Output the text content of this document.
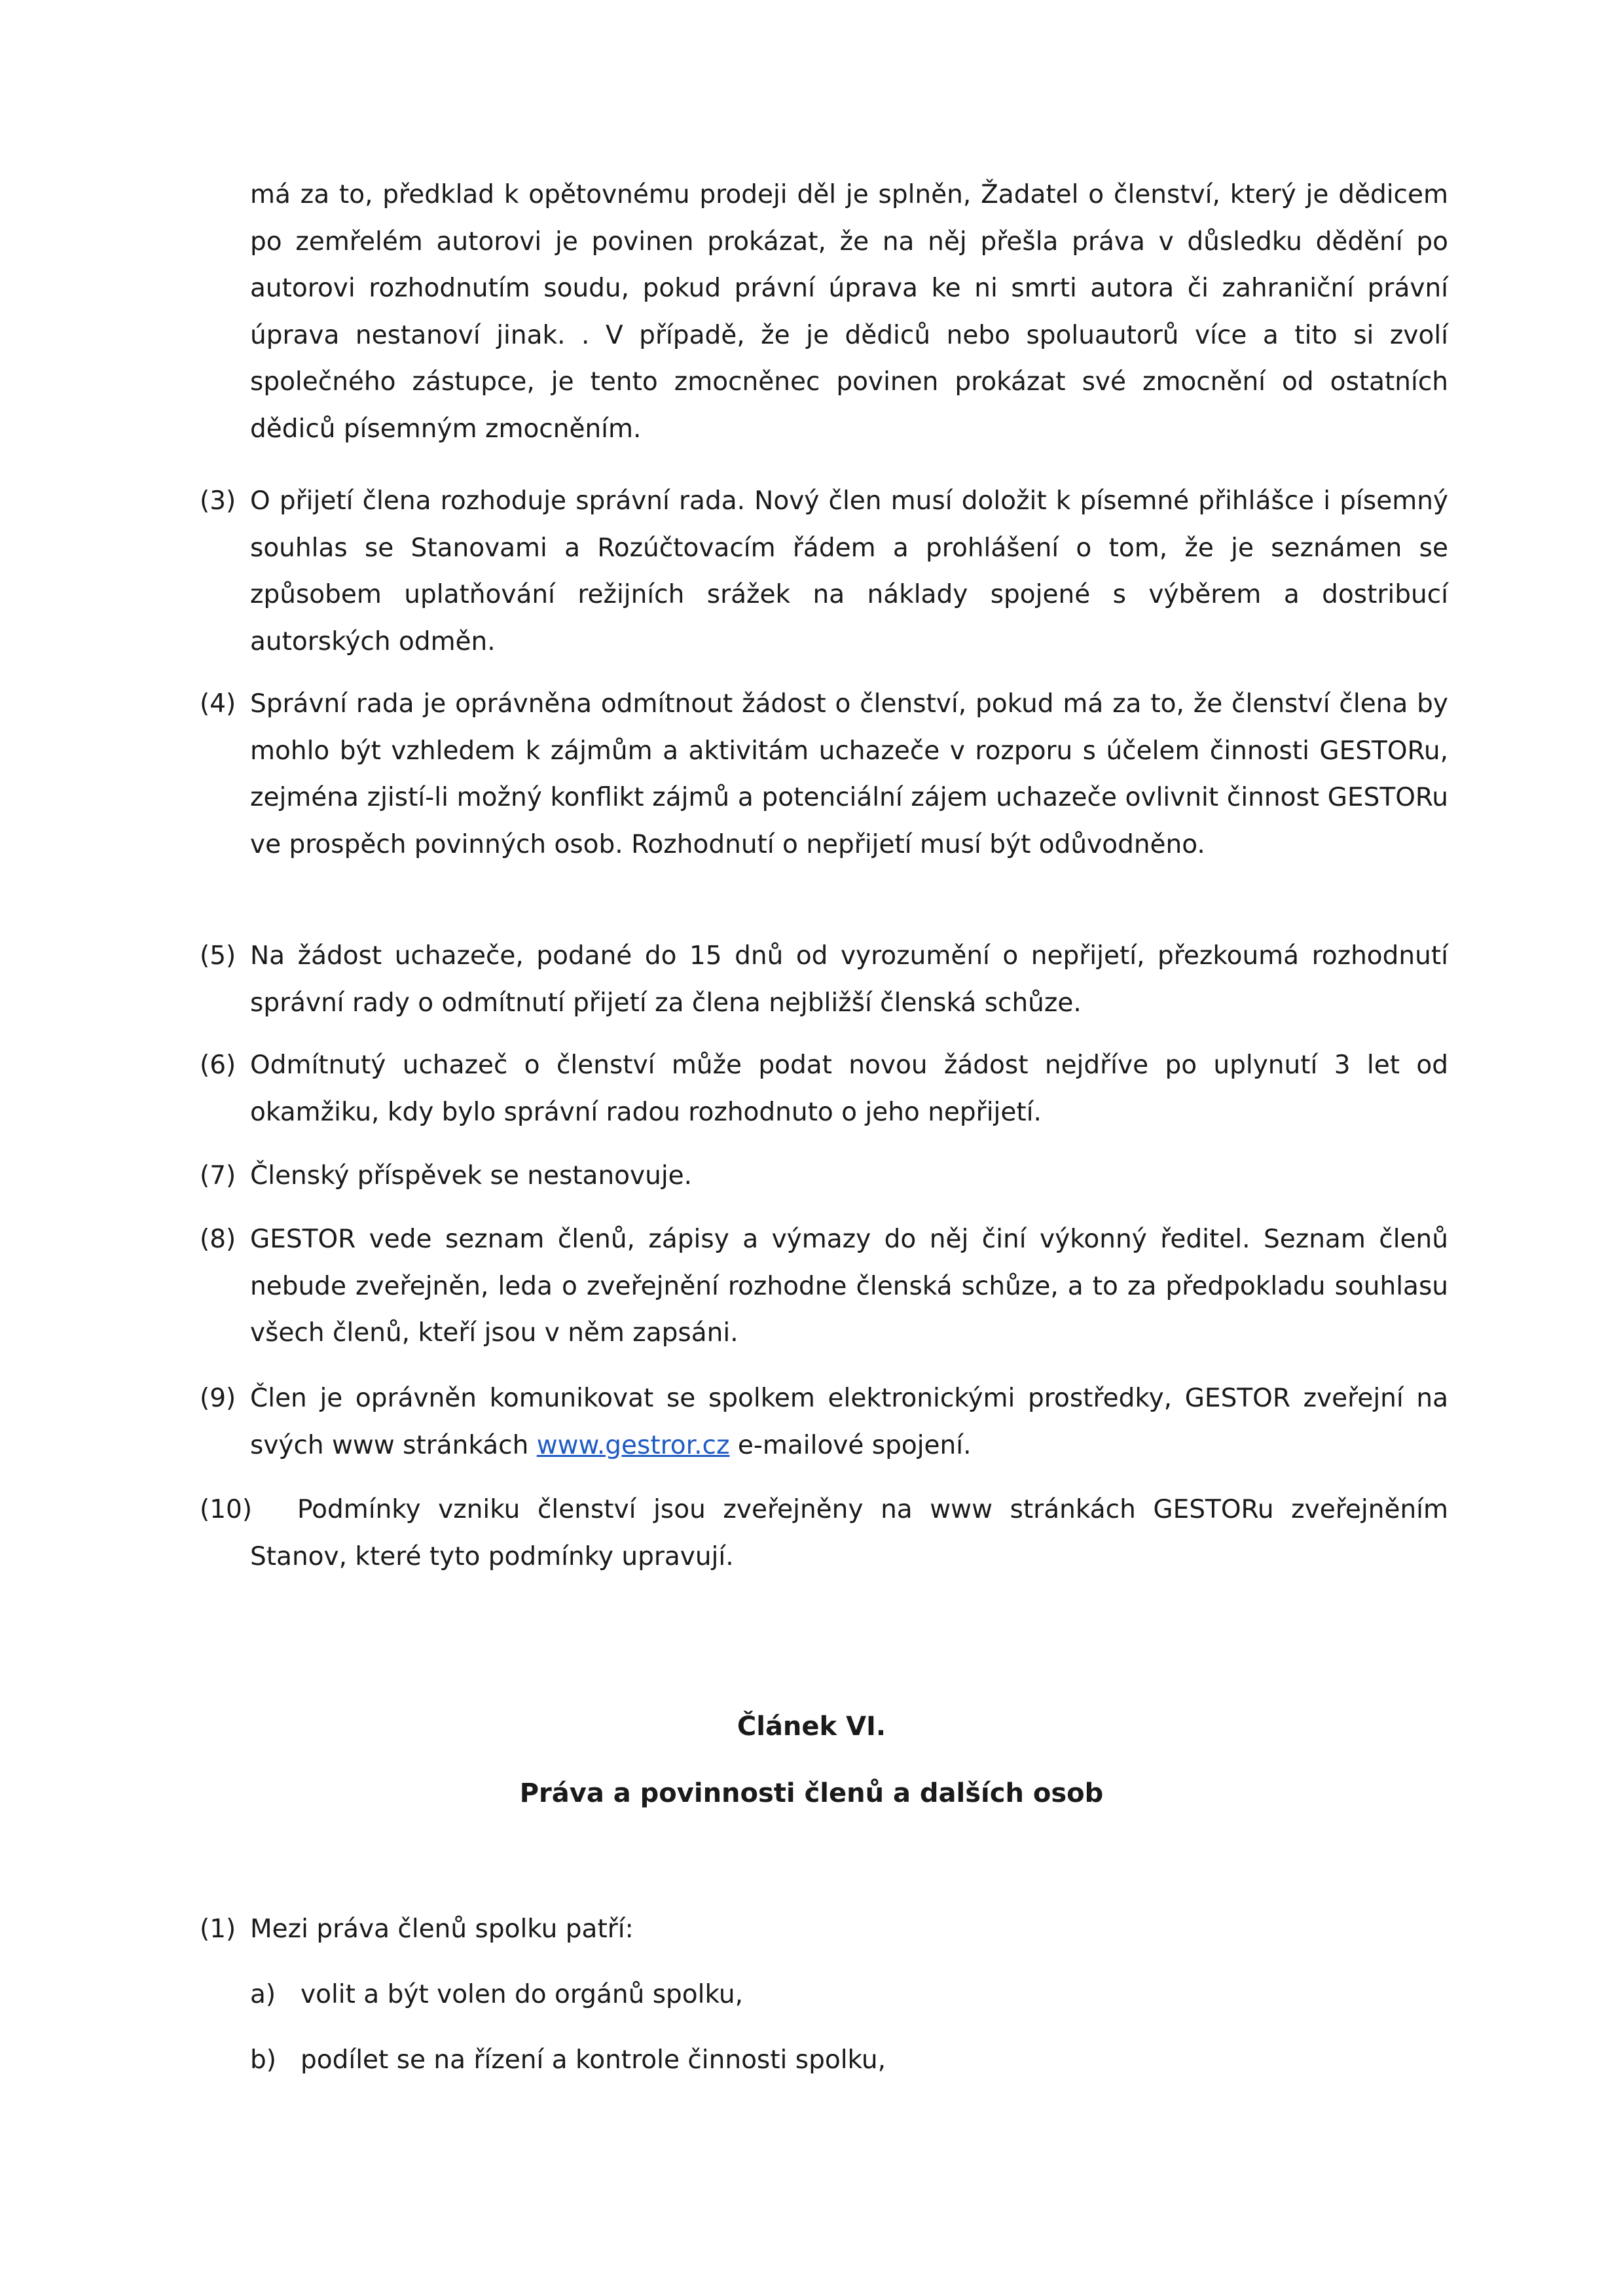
má za to, předklad k opětovnému prodeji děl je splněn, Žadatel o členství, který je dědicem po zemřelém autorovi je povinen prokázat, že na něj přešla práva v důsledku dědění po autorovi rozhodnutím soudu, pokud právní úprava ke ni smrti autora či zahraniční právní úprava nestanoví jinak. . V případě, že je dědiců nebo spoluautorů více a tito si zvolí společného zástupce, je tento zmocněnec povinen prokázat své zmocnění od ostatních dědiců písemným zmocněním.

(3) O přijetí člena rozhoduje správní rada. Nový člen musí doložit k písemné přihlášce i písemný souhlas se Stanovami a Rozúčtovacím řádem a prohlášení o tom, že je seznámen se způsobem uplatňování režijních srážek na náklady spojené s výběrem a dostribucí autorských odměn.
(4) Správní rada je oprávněna odmítnout žádost o členství, pokud má za to, že členství člena by mohlo být vzhledem k zájmům a aktivitám uchazeče v rozporu s účelem činnosti GESTORu, zejména zjistí-li možný konflikt zájmů a potenciální zájem uchazeče ovlivnit činnost GESTORu ve prospěch povinných osob. Rozhodnutí o nepřijetí musí být odůvodněno.
(5) Na žádost uchazeče, podané do 15 dnů od vyrozumění o nepřijetí, přezkoumá rozhodnutí správní rady o odmítnutí přijetí za člena nejbližší členská schůze.
(6) Odmítnutý uchazeč o členství může podat novou žádost nejdříve po uplynutí 3 let od okamžiku, kdy bylo správní radou rozhodnuto o jeho nepřijetí.
(7) Členský příspěvek se nestanovuje.
(8) GESTOR vede seznam členů, zápisy a výmazy do něj činí výkonný ředitel. Seznam členů nebude zveřejněn, leda o zveřejnění rozhodne členská schůze, a to za předpokladu souhlasu všech členů, kteří jsou v něm zapsáni.
(9) Člen je oprávněn komunikovat se spolkem elektronickými prostředky, GESTOR zveřejní na svých www stránkách www.gestror.cz e-mailové spojení.
(10)	Podmínky vzniku členství jsou zveřejněny na www stránkách GESTORu zveřejněním Stanov, které tyto podmínky upravují.

Článek VI.

Práva a povinnosti členů a dalších osob

(1) Mezi práva členů spolku patří:

a) volit a být volen do orgánů spolku,

b) podílet se na řízení a kontrole činnosti spolku,
